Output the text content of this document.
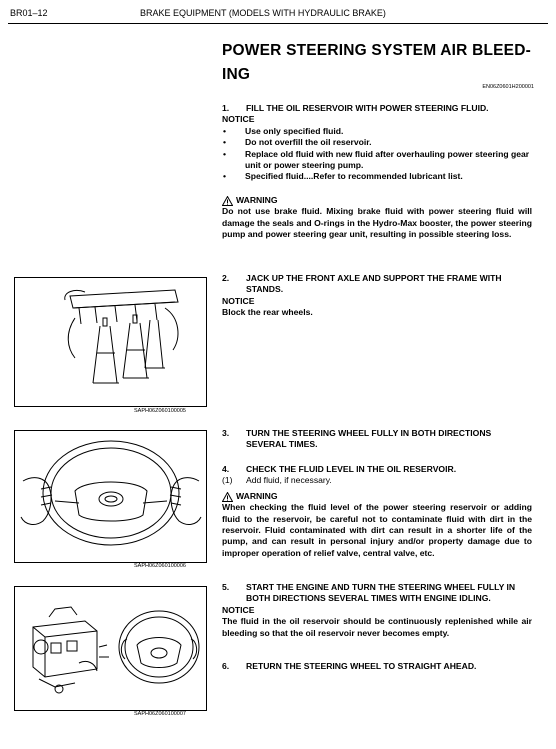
BR01–12	BRAKE EQUIPMENT (MODELS WITH HYDRAULIC BRAKE)
POWER STEERING SYSTEM AIR BLEED-
ING
EN06Z0601H200001
1.	FILL THE OIL RESERVOIR WITH POWER STEERING FLUID.
NOTICE
•	Use only specified fluid.
•	Do not overfill the oil reservoir.
•	Replace old fluid with new fluid after overhauling power steering gear unit or power steering pump.
•	Specified fluid....Refer to recommended lubricant list.
WARNING
Do not use brake fluid. Mixing brake fluid with power steering fluid will damage the seals and O-rings in the Hydro-Max booster, the power steering pump and power steering gear unit, resulting in possible steering loss.
2.	JACK UP THE FRONT AXLE AND SUPPORT THE FRAME WITH STANDS.
NOTICE
Block the rear wheels.
3.	TURN THE STEERING WHEEL FULLY IN BOTH DIRECTIONS SEVERAL TIMES.
4.	CHECK THE FLUID LEVEL IN THE OIL RESERVOIR.
(1)	Add fluid, if necessary.
WARNING
When checking the fluid level of the power steering reservoir or adding fluid to the reservoir, be careful not to contaminate fluid with dirt in the reservoir. Fluid contaminated with dirt can result in a shorter life of the pump, and can result in personal injury and/or property damage due to improper operation of relief valve, central valve, etc.
5.	START THE ENGINE AND TURN THE STEERING WHEEL FULLY IN BOTH DIRECTIONS SEVERAL TIMES WITH ENGINE IDLING.
NOTICE
The fluid in the oil reservoir should be continuously replenished while air bleeding so that the oil reservoir never becomes empty.
6.	RETURN THE STEERING WHEEL TO STRAIGHT AHEAD.
SAPH06Z060100005
SAPH06Z060100006
SAPH06Z060100007
